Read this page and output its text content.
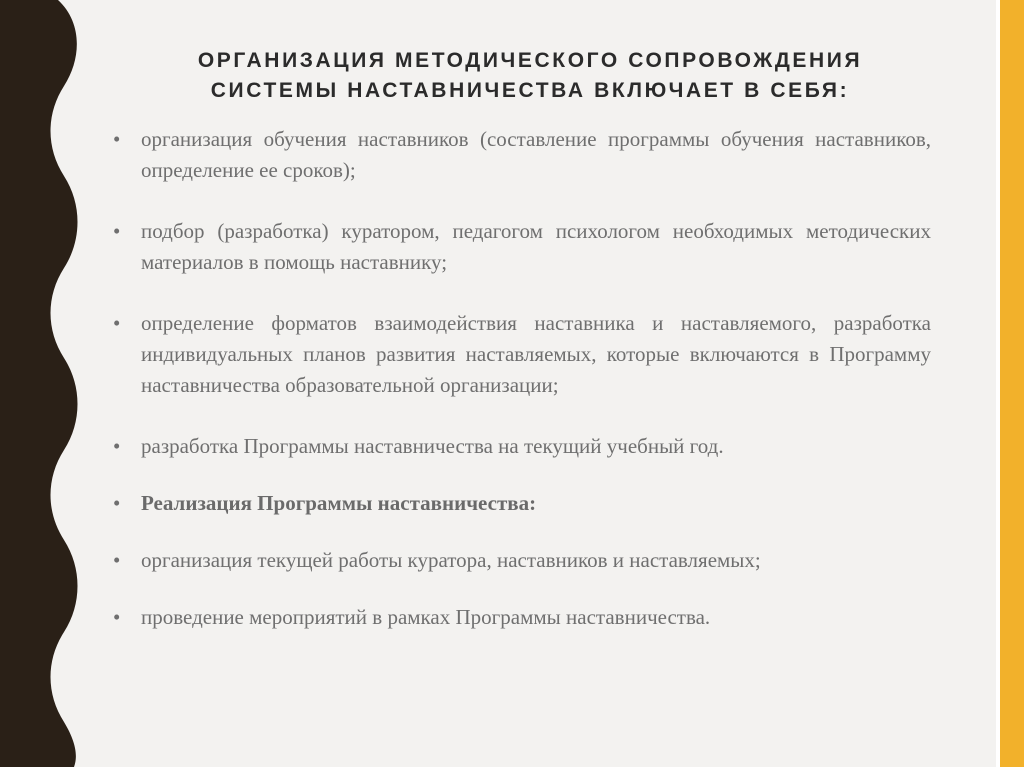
ОРГАНИЗАЦИЯ МЕТОДИЧЕСКОГО СОПРОВОЖДЕНИЯ
СИСТЕМЫ НАСТАВНИЧЕСТВА ВКЛЮЧАЕТ В СЕБЯ:
• организация обучения наставников (составление программы обучения наставников, определение ее сроков);
• подбор (разработка) куратором, педагогом психологом необходимых методических материалов в помощь наставнику;
• определение форматов взаимодействия наставника и наставляемого, разработка индивидуальных планов развития наставляемых, которые включаются в Программу наставничества образовательной организации;
• разработка Программы наставничества на текущий учебный год.
• Реализация Программы наставничества:
• организация текущей работы куратора, наставников и наставляемых;
• проведение мероприятий в рамках Программы наставничества.
